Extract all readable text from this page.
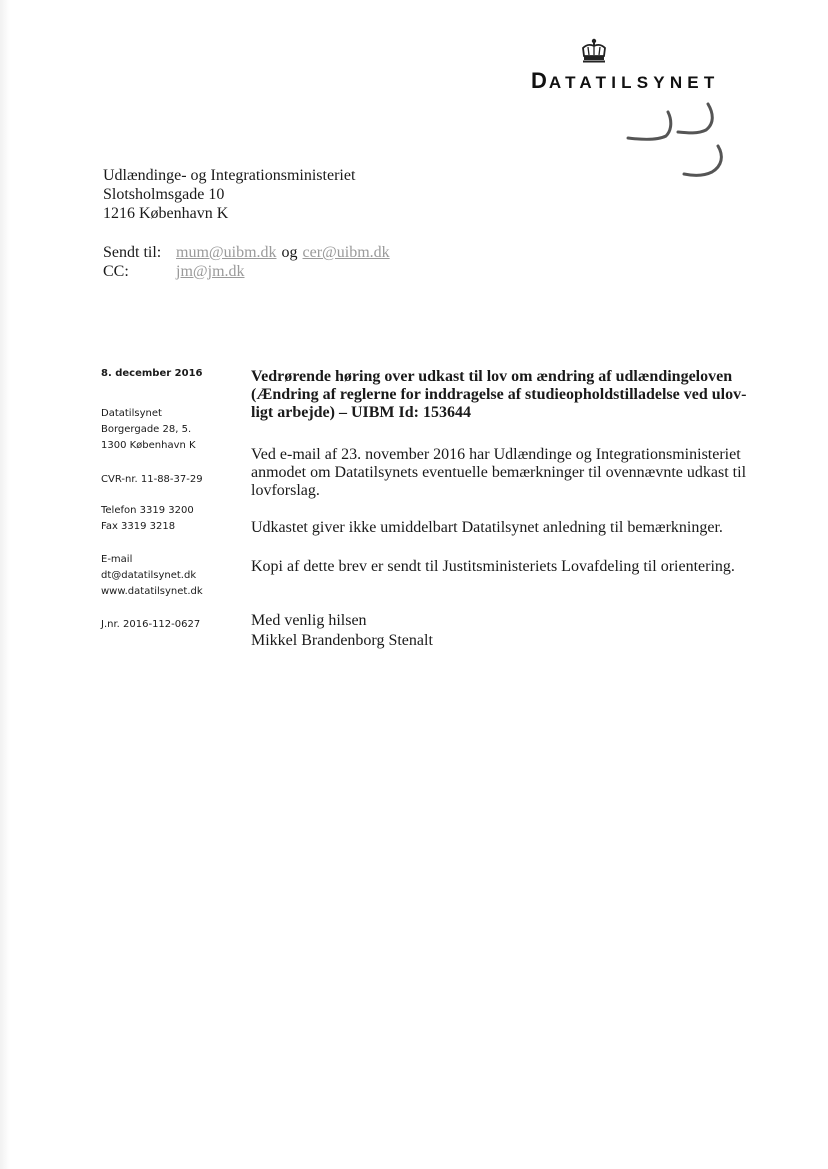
DATATILSYNET
Udlændinge- og Integrationsministeriet
Slotsholmsgade 10
1216 København K
Sendt til: mum@uibm.dk og cer@uibm.dk
CC:	jm@jm.dk
8. december 2016
Datatilsynet
Borgergade 28, 5.
1300 København K
CVR-nr. 11-88-37-29
Telefon 3319 3200
Fax 3319 3218
E-mail
dt@datatilsynet.dk
www.datatilsynet.dk
J.nr. 2016-112-0627
Vedrørende høring over udkast til lov om ændring af udlændingeloven
(Ændring af reglerne for inddragelse af studieopholdstilladelse ved ulov-
ligt arbejde) – UIBM Id: 153644
Ved e-mail af 23. november 2016 har Udlændinge og Integrationsministeriet
anmodet om Datatilsynets eventuelle bemærkninger til ovennævnte udkast til
lovforslag.
Udkastet giver ikke umiddelbart Datatilsynet anledning til bemærkninger.
Kopi af dette brev er sendt til Justitsministeriets Lovafdeling til orientering.
Med venlig hilsen
Mikkel Brandenborg Stenalt
